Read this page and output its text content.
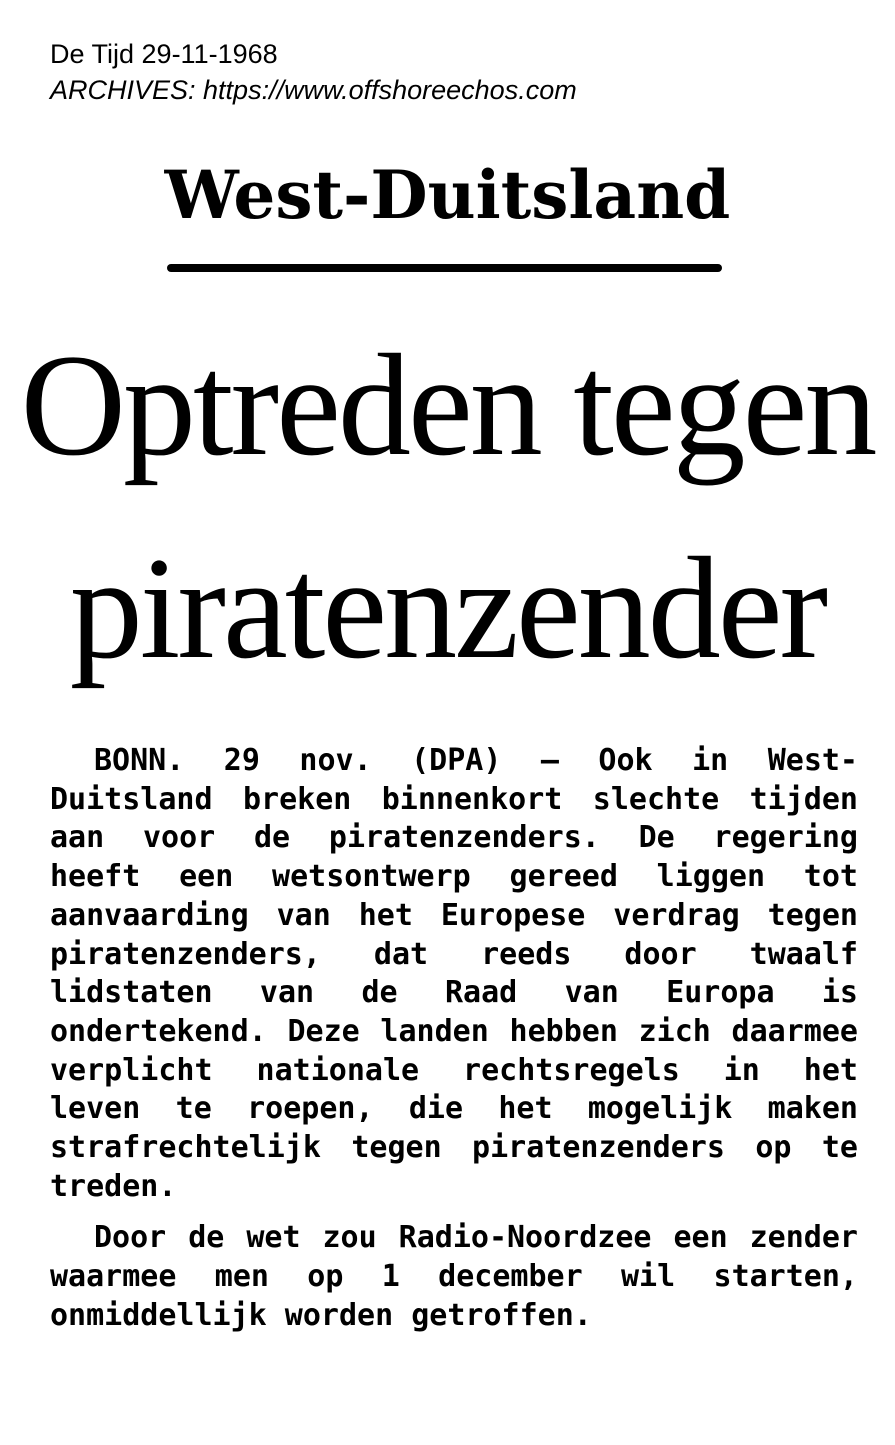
De Tijd 29-11-1968
ARCHIVES: https://www.offshoreechos.com
West-Duitsland
Optreden tegen
piratenzender

BONN. 29 nov. (DPA) — Ook in West-Duitsland breken binnenkort slechte tijden aan voor de piratenzenders. De regering heeft een wetsontwerp gereed liggen tot aanvaarding van het Europese verdrag tegen piratenzenders, dat reeds door twaalf lidstaten van de Raad van Europa is ondertekend. Deze landen hebben zich daarmee verplicht nationale rechtsregels in het leven te roepen, die het mogelijk maken strafrechtelijk tegen piratenzenders op te treden.

Door de wet zou Radio-Noordzee een zender waarmee men op 1 december wil starten, onmiddellijk worden getroffen.
